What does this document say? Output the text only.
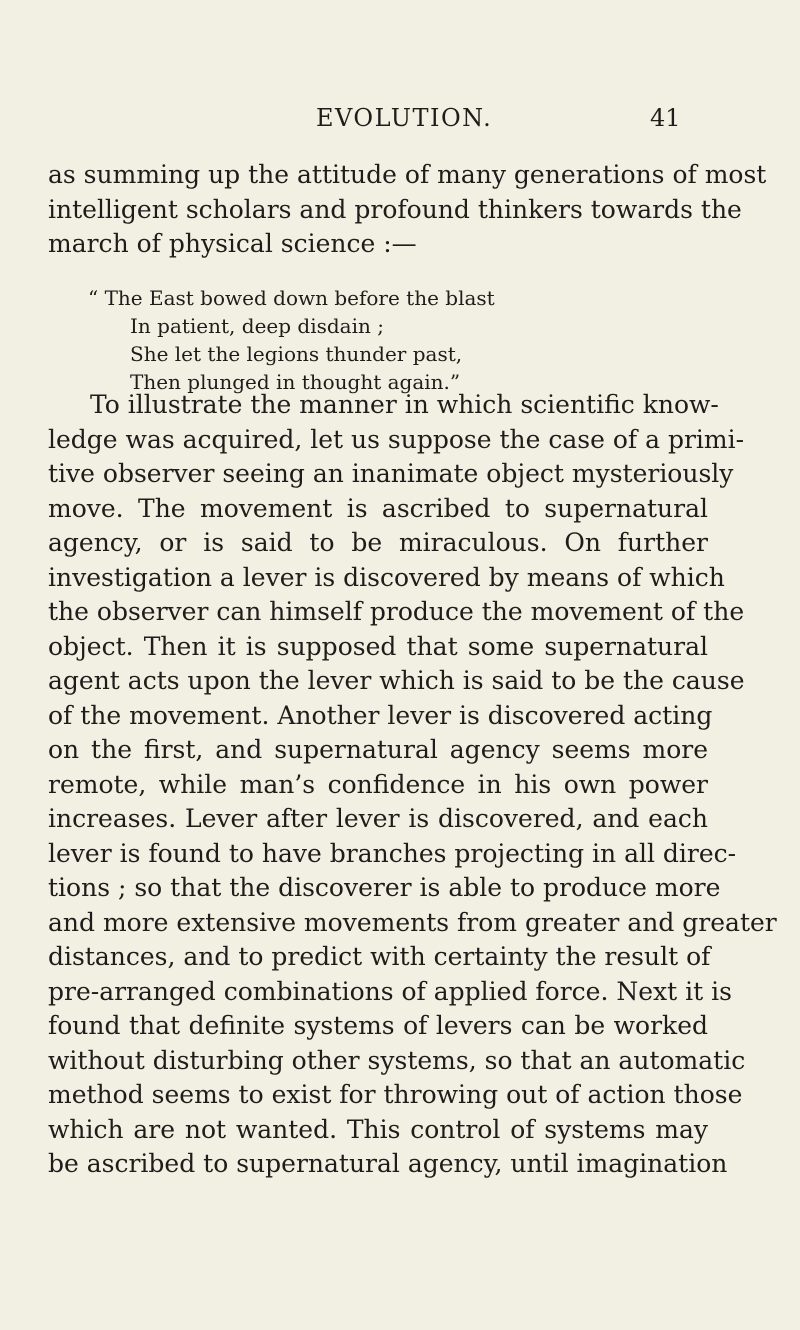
EVOLUTION.	41
as summing up the attitude of many generations of most
intelligent scholars and profound thinkers towards the
march of physical science :—
“ The East bowed down before the blast
In patient, deep disdain ;
She let the legions thunder past,
Then plunged in thought again.”
To illustrate the manner in which scientific know-
ledge was acquired, let us suppose the case of a primi-
tive observer seeing an inanimate object mysteriously
move. The movement is ascribed to supernatural
agency, or is said to be miraculous. On further
investigation a lever is discovered by means of which
the observer can himself produce the movement of the
object. Then it is supposed that some supernatural
agent acts upon the lever which is said to be the cause
of the movement. Another lever is discovered acting
on the first, and supernatural agency seems more
remote, while man’s confidence in his own power
increases. Lever after lever is discovered, and each
lever is found to have branches projecting in all direc-
tions ; so that the discoverer is able to produce more
and more extensive movements from greater and greater
distances, and to predict with certainty the result of
pre-arranged combinations of applied force. Next it is
found that definite systems of levers can be worked
without disturbing other systems, so that an automatic
method seems to exist for throwing out of action those
which are not wanted. This control of systems may
be ascribed to supernatural agency, until imagination
